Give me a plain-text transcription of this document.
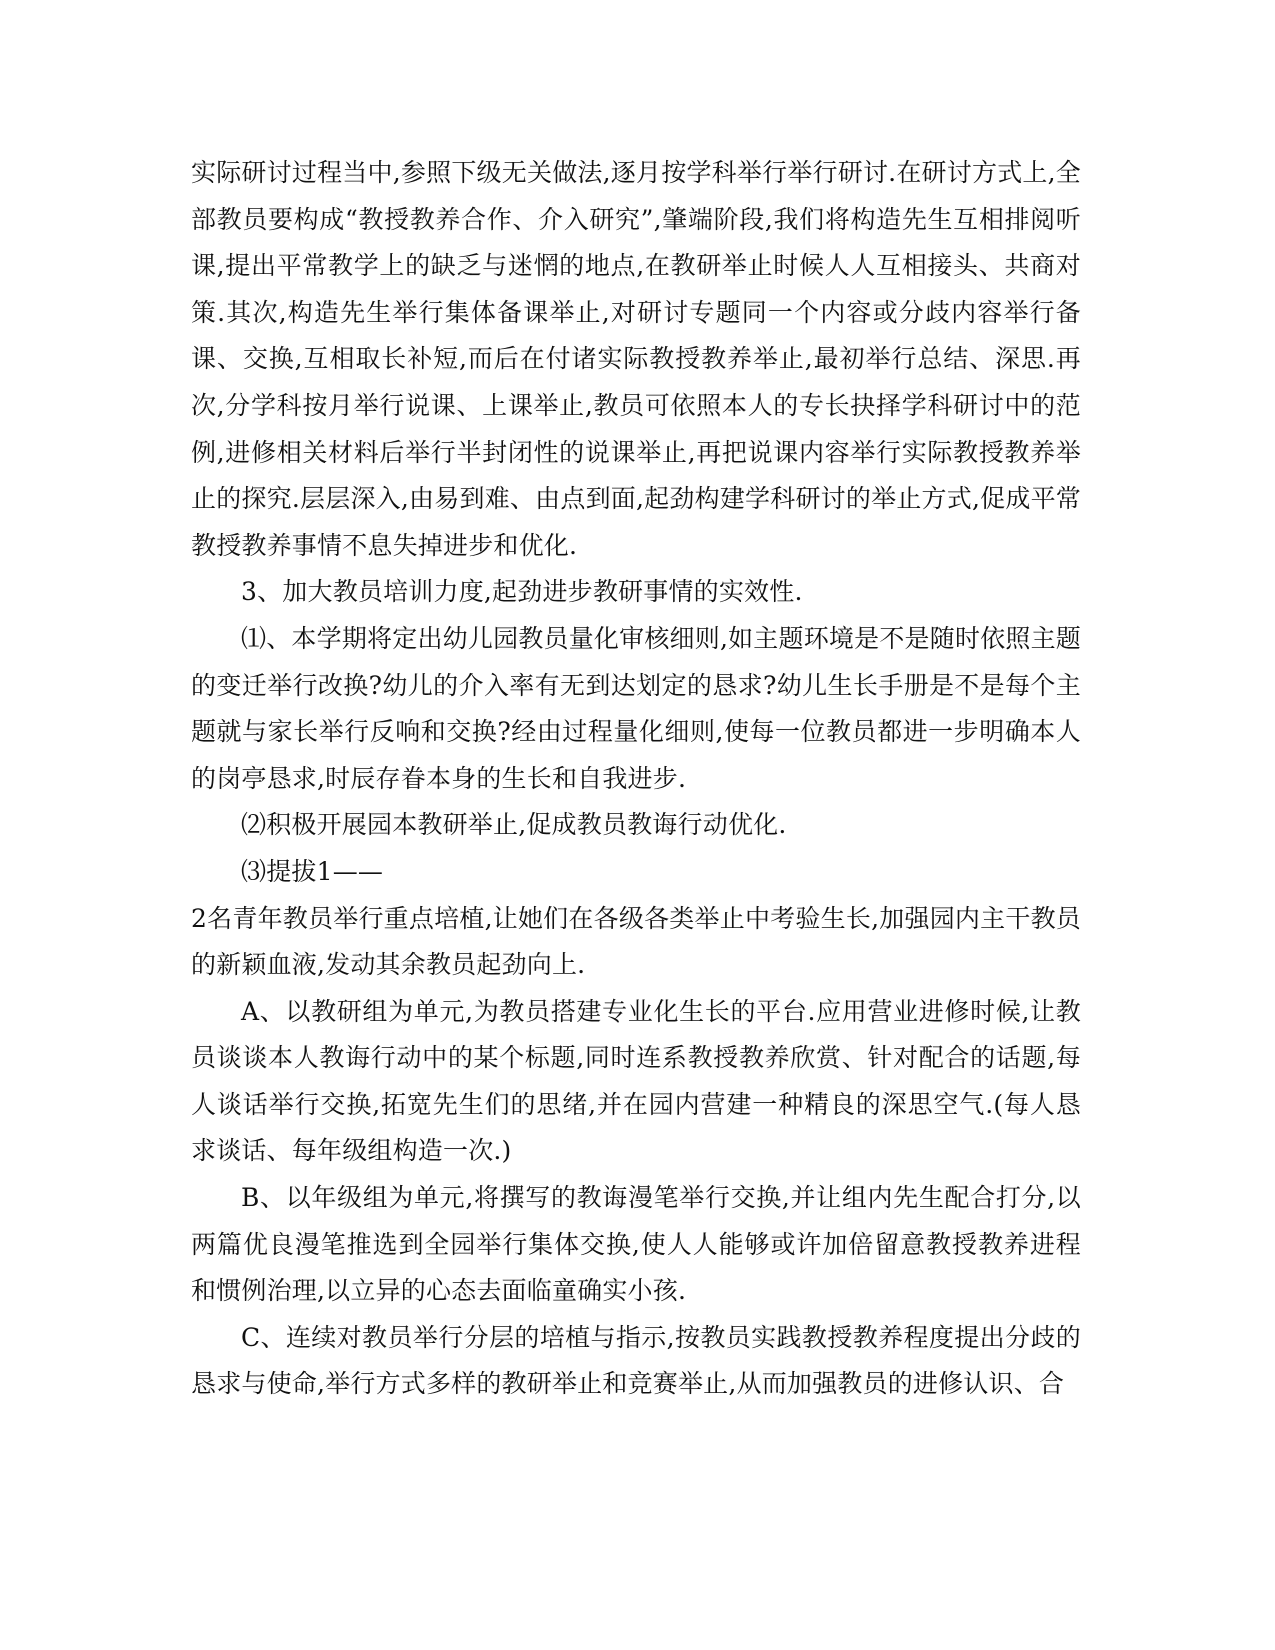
实际研讨过程当中,参照下级无关做法,逐月按学科举行举行研讨.在研讨方式上,全部教员要构成“教授教养合作、介入研究”,肇端阶段,我们将构造先生互相排阅听课,提出平常教学上的缺乏与迷惘的地点,在教研举止时候人人互相接头、共商对策.其次,构造先生举行集体备课举止,对研讨专题同一个内容或分歧内容举行备课、交换,互相取长补短,而后在付诸实际教授教养举止,最初举行总结、深思.再次,分学科按月举行说课、上课举止,教员可依照本人的专长抉择学科研讨中的范例,进修相关材料后举行半封闭性的说课举止,再把说课内容举行实际教授教养举止的探究.层层深入,由易到难、由点到面,起劲构建学科研讨的举止方式,促成平常教授教养事情不息失掉进步和优化.

3、加大教员培训力度,起劲进步教研事情的实效性.

⑴、本学期将定出幼儿园教员量化审核细则,如主题环境是不是随时依照主题的变迁举行改换?幼儿的介入率有无到达划定的恳求?幼儿生长手册是不是每个主题就与家长举行反响和交换?经由过程量化细则,使每一位教员都进一步明确本人的岗亭恳求,时辰存眷本身的生长和自我进步.

⑵积极开展园本教研举止,促成教员教诲行动优化.

⑶提拔1——

2名青年教员举行重点培植,让她们在各级各类举止中考验生长,加强园内主干教员的新颖血液,发动其余教员起劲向上.

A、以教研组为单元,为教员搭建专业化生长的平台.应用营业进修时候,让教员谈谈本人教诲行动中的某个标题,同时连系教授教养欣赏、针对配合的话题,每人谈话举行交换,拓宽先生们的思绪,并在园内营建一种精良的深思空气.(每人恳求谈话、每年级组构造一次.)

B、以年级组为单元,将撰写的教诲漫笔举行交换,并让组内先生配合打分,以两篇优良漫笔推选到全园举行集体交换,使人人能够或许加倍留意教授教养进程和惯例治理,以立异的心态去面临童确实小孩.

C、连续对教员举行分层的培植与指示,按教员实践教授教养程度提出分歧的恳求与使命,举行方式多样的教研举止和竞赛举止,从而加强教员的进修认识、合
